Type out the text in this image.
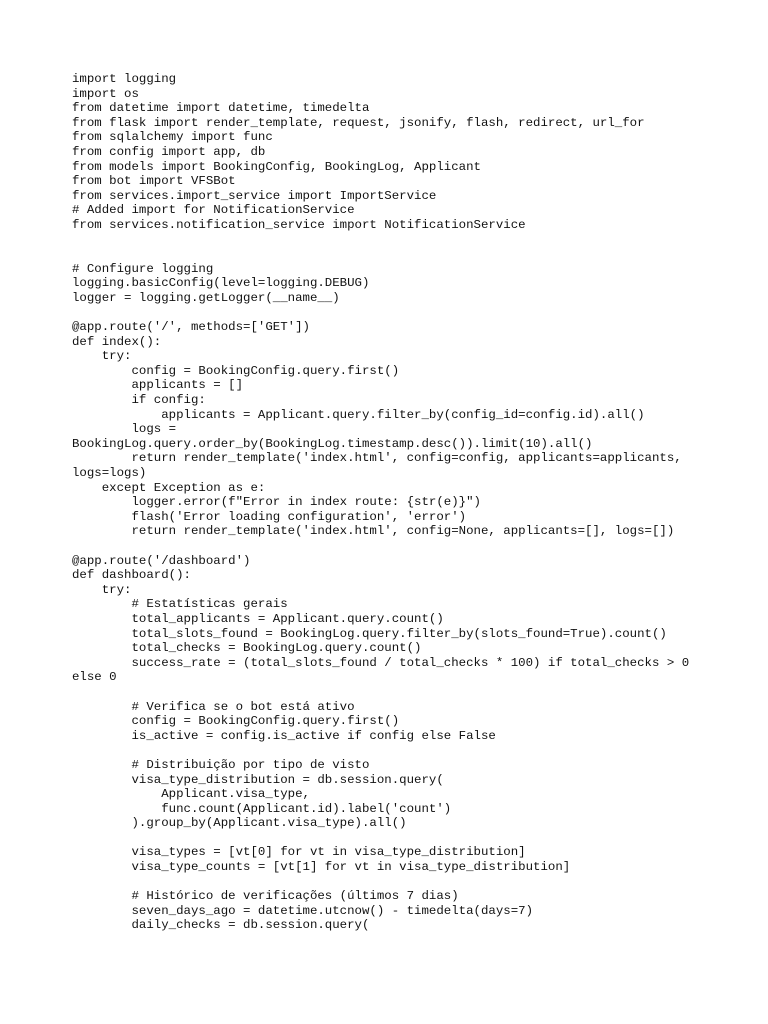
import logging
import os
from datetime import datetime, timedelta
from flask import render_template, request, jsonify, flash, redirect, url_for
from sqlalchemy import func
from config import app, db
from models import BookingConfig, BookingLog, Applicant
from bot import VFSBot
from services.import_service import ImportService
# Added import for NotificationService
from services.notification_service import NotificationService

# Configure logging
logging.basicConfig(level=logging.DEBUG)
logger = logging.getLogger(__name__)

@app.route('/', methods=['GET'])
def index():
try:
config = BookingConfig.query.first()
applicants = []
if config:
applicants = Applicant.query.filter_by(config_id=config.id).all()
logs =
BookingLog.query.order_by(BookingLog.timestamp.desc()).limit(10).all()
return render_template('index.html', config=config, applicants=applicants,
logs=logs)
except Exception as e:
logger.error(f"Error in index route: {str(e)}")
flash('Error loading configuration', 'error')
return render_template('index.html', config=None, applicants=[], logs=[])

@app.route('/dashboard')
def dashboard():
try:
# Estatísticas gerais
total_applicants = Applicant.query.count()
total_slots_found = BookingLog.query.filter_by(slots_found=True).count()
total_checks = BookingLog.query.count()
success_rate = (total_slots_found / total_checks * 100) if total_checks > 0
else 0

# Verifica se o bot está ativo
config = BookingConfig.query.first()
is_active = config.is_active if config else False

# Distribuição por tipo de visto
visa_type_distribution = db.session.query(
Applicant.visa_type,
func.count(Applicant.id).label('count')
).group_by(Applicant.visa_type).all()

visa_types = [vt[0] for vt in visa_type_distribution]
visa_type_counts = [vt[1] for vt in visa_type_distribution]

# Histórico de verificações (últimos 7 dias)
seven_days_ago = datetime.utcnow() - timedelta(days=7)
daily_checks = db.session.query(
